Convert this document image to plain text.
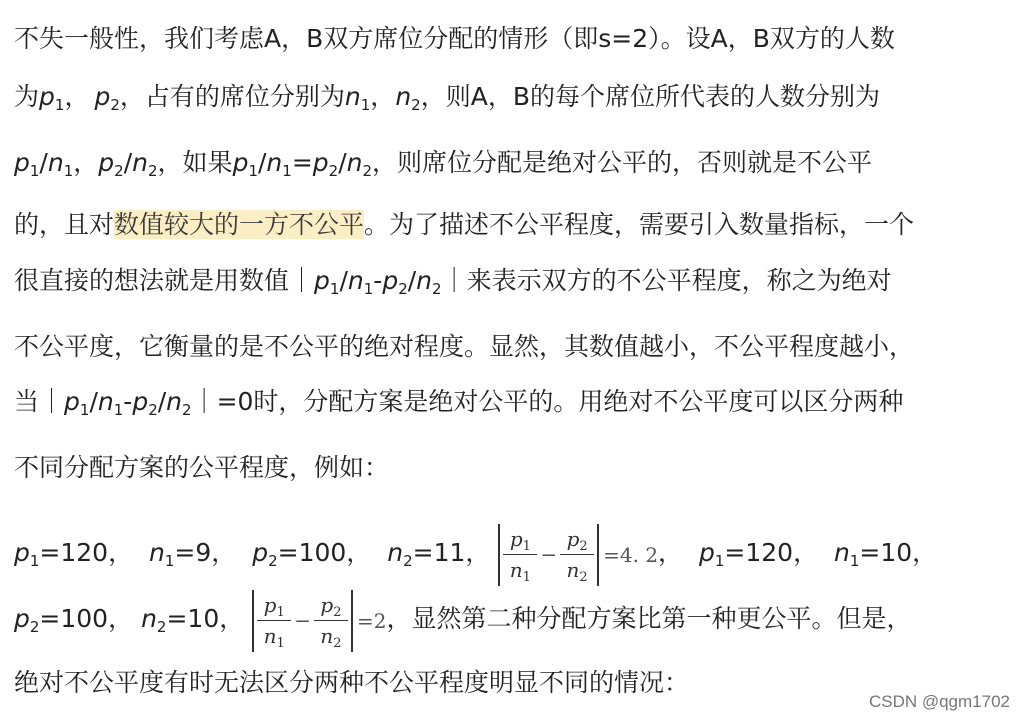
不失一般性，我们考虑A，B双方席位分配的情形（即s=2）。设A，B双方的人数
为$p_1$，  $p_2$，占有的席位分别为$n_1$，$n_2$，则A，B的每个席位所代表的人数分别为
$p_1/n_1$，$p_2/n_2$，如果$p_1/n_1=p_2/n_2$，则席位分配是绝对公平的，否则就是不公平
的，且对数值较大的一方不公平。为了描述不公平程度，需要引入数量指标，一个
很直接的想法就是用数值$|p_1/n_1-p_2/n_2|$来表示双方的不公平程度，称之为绝对
不公平度，它衡量的是不公平的绝对程度。显然，其数值越小，不公平程度越小，
当$|p_1/n_1-p_2/n_2|=0$时，分配方案是绝对公平的。用绝对不公平度可以区分两种
不同分配方案的公平程度，例如：
$p_1=120$， $n_1=9$， $p_2=100$， $n_2=11$， $\frac{p_1}{n_1} - \frac{p_2}{n_2} =4$. 2， $p_1=120$， $n_1=10$，
$p_2=100$， $n_2=10$， $\frac{p_1}{n_1} - \frac{p_2}{n_2} =2$，显然第二种分配方案比第一种更公平。但是，
绝对不公平度有时无法区分两种不公平程度明显不同的情况：
CSDN @qgm1702
